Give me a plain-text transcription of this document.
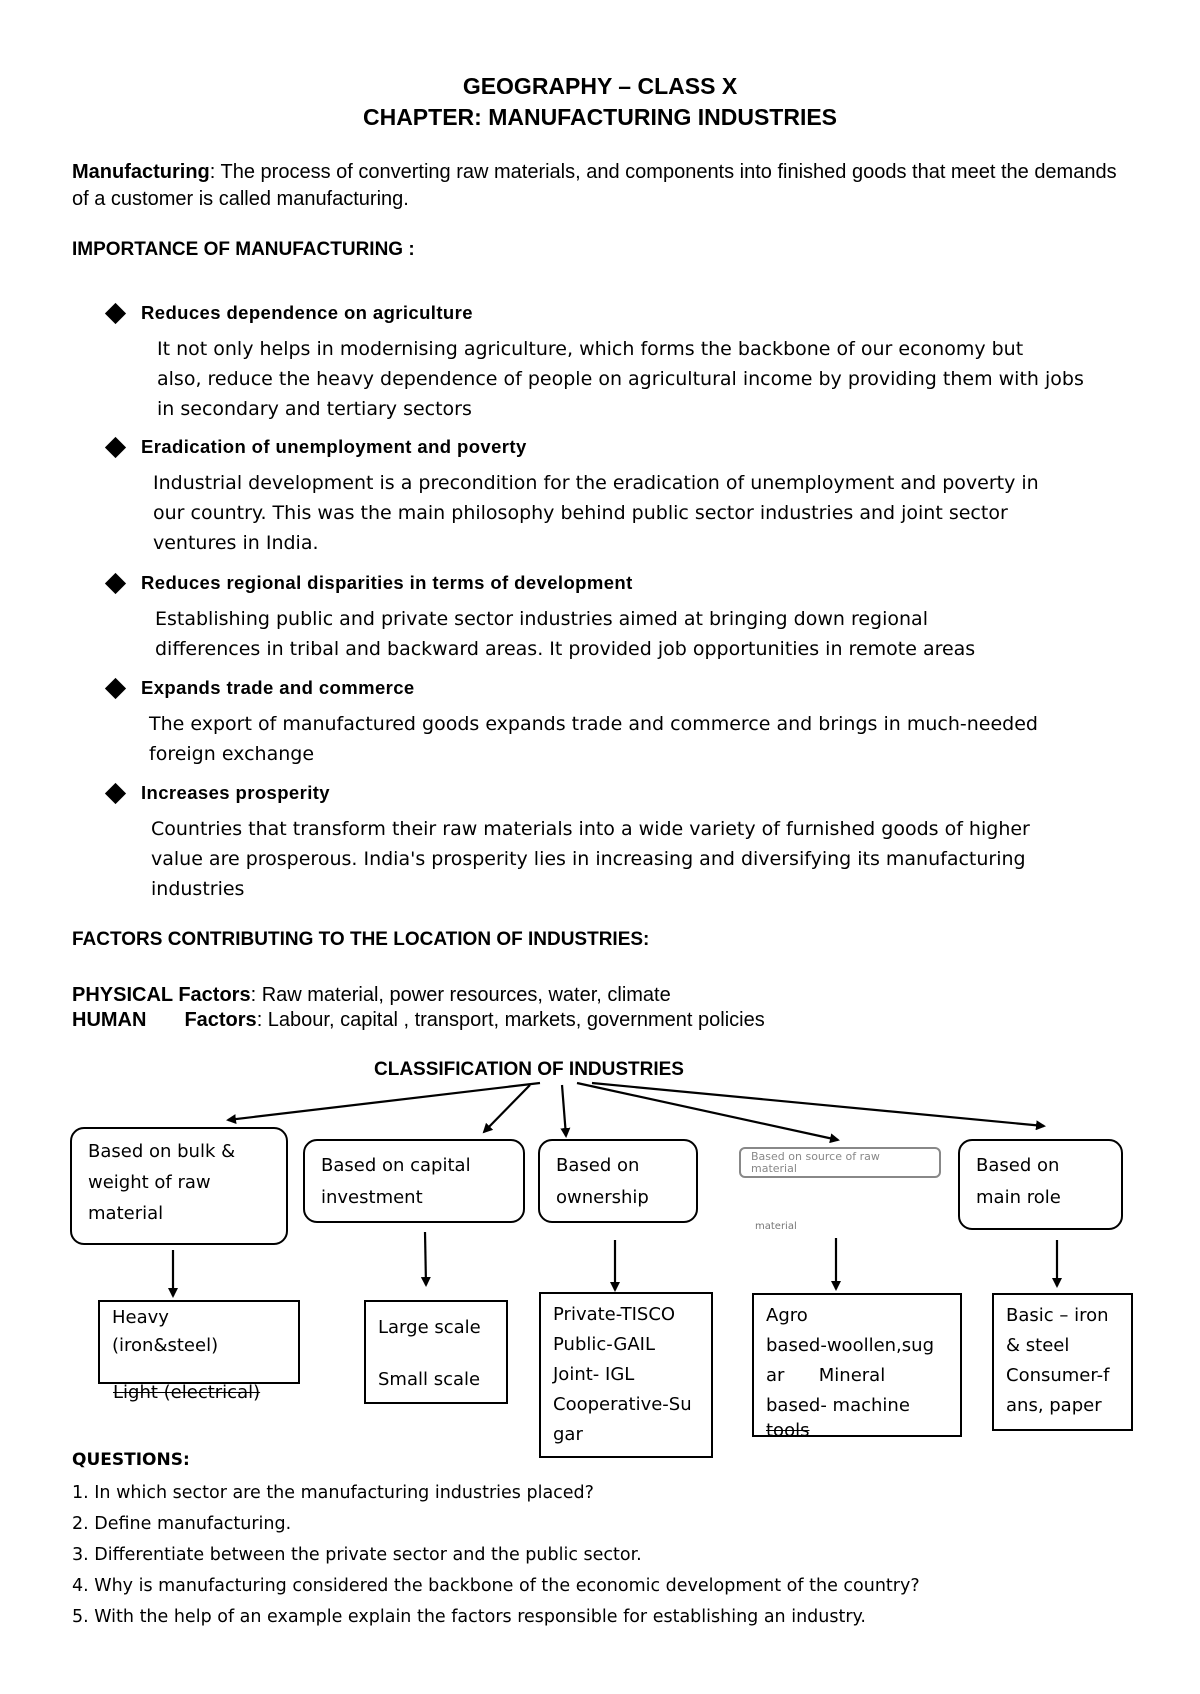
GEOGRAPHY – CLASS X
CHAPTER: MANUFACTURING INDUSTRIES
Manufacturing: The process of converting raw materials, and components into finished goods that meet the demands of a customer is called manufacturing.
IMPORTANCE OF MANUFACTURING :
Reduces dependence on agriculture
It not only helps in modernising agriculture, which forms the backbone of our economy but
also, reduce the heavy dependence of people on agricultural income by providing them with jobs
in secondary and tertiary sectors
Eradication of unemployment and poverty
Industrial development is a precondition for the eradication of unemployment and poverty in
our country. This was the main philosophy behind public sector industries and joint sector
ventures in India.
Reduces regional disparities in terms of development
Establishing public and private sector industries aimed at bringing down regional
differences in tribal and backward areas. It provided job opportunities in remote areas
Expands trade and commerce
The export of manufactured goods expands trade and commerce and brings in much-needed
foreign exchange
Increases prosperity
Countries that transform their raw materials into a wide variety of furnished goods of higher
value are prosperous. India's prosperity lies in increasing and diversifying its manufacturing
industries
FACTORS CONTRIBUTING TO THE LOCATION OF INDUSTRIES:
PHYSICAL Factors: Raw material, power resources, water, climate
HUMAN Factors: Labour, capital , transport, markets, government policies
CLASSIFICATION OF INDUSTRIES
Based on bulk & weight of raw material
Based on capital investment
Based on ownership
Based on source of raw material
material
Based on main role
Heavy
(iron&steel)
Light (electrical)
Large scale
Small scale
Private-TISCO
Public-GAIL
Joint- IGL
Cooperative-Su
gar
Agro
based-woollen,sug
ar      Mineral
based- machine
tools
Basic – iron
& steel
Consumer-f
ans, paper
QUESTIONS:
1. In which sector are the manufacturing industries placed?
2. Define manufacturing.
3. Differentiate between the private sector and the public sector.
4. Why is manufacturing considered the backbone of the economic development of the country?
5. With the help of an example explain the factors responsible for establishing an industry.
